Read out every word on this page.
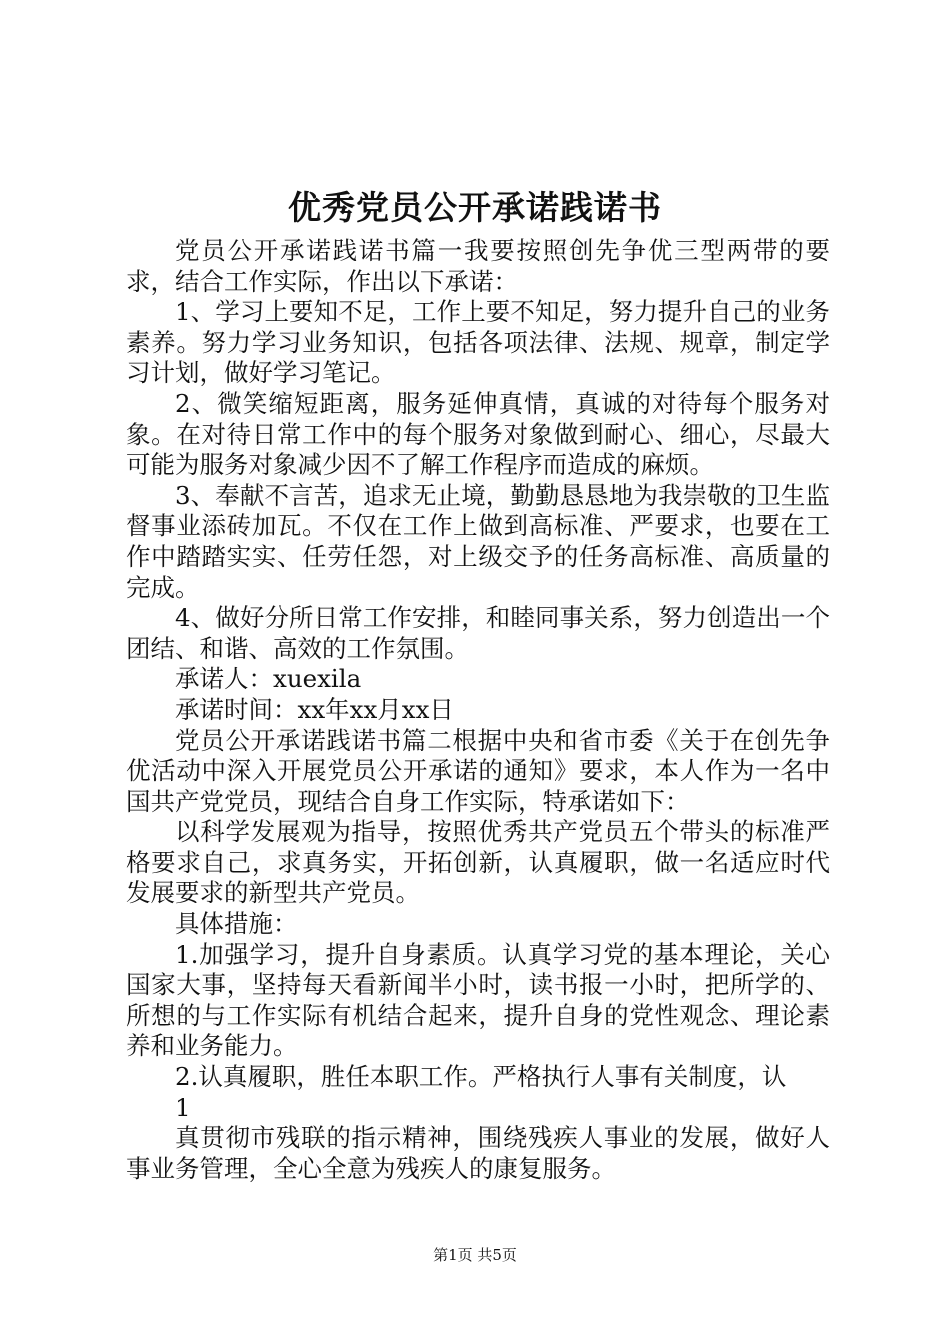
优秀党员公开承诺践诺书

党员公开承诺践诺书篇一我要按照创先争优三型两带的要求，结合工作实际，作出以下承诺：

1、学习上要知不足，工作上要不知足，努力提升自己的业务素养。努力学习业务知识，包括各项法律、法规、规章，制定学习计划，做好学习笔记。

2、微笑缩短距离，服务延伸真情，真诚的对待每个服务对象。在对待日常工作中的每个服务对象做到耐心、细心，尽最大可能为服务对象减少因不了解工作程序而造成的麻烦。

3、奉献不言苦，追求无止境，勤勤恳恳地为我崇敬的卫生监督事业添砖加瓦。不仅在工作上做到高标准、严要求，也要在工作中踏踏实实、任劳任怨，对上级交予的任务高标准、高质量的完成。

4、做好分所日常工作安排，和睦同事关系，努力创造出一个团结、和谐、高效的工作氛围。

承诺人：xuexila

承诺时间：xx年xx月xx日

党员公开承诺践诺书篇二根据中央和省市委《关于在创先争优活动中深入开展党员公开承诺的通知》要求，本人作为一名中国共产党党员，现结合自身工作实际，特承诺如下：

以科学发展观为指导，按照优秀共产党员五个带头的标准严格要求自己，求真务实，开拓创新，认真履职，做一名适应时代发展要求的新型共产党员。

具体措施：

1.加强学习，提升自身素质。认真学习党的基本理论，关心国家大事，坚持每天看新闻半小时，读书报一小时，把所学的、所想的与工作实际有机结合起来，提升自身的党性观念、理论素养和业务能力。

2.认真履职，胜任本职工作。严格执行人事有关制度，认

1

真贯彻市残联的指示精神，围绕残疾人事业的发展，做好人事业务管理，全心全意为残疾人的康复服务。

第1页 共5页
